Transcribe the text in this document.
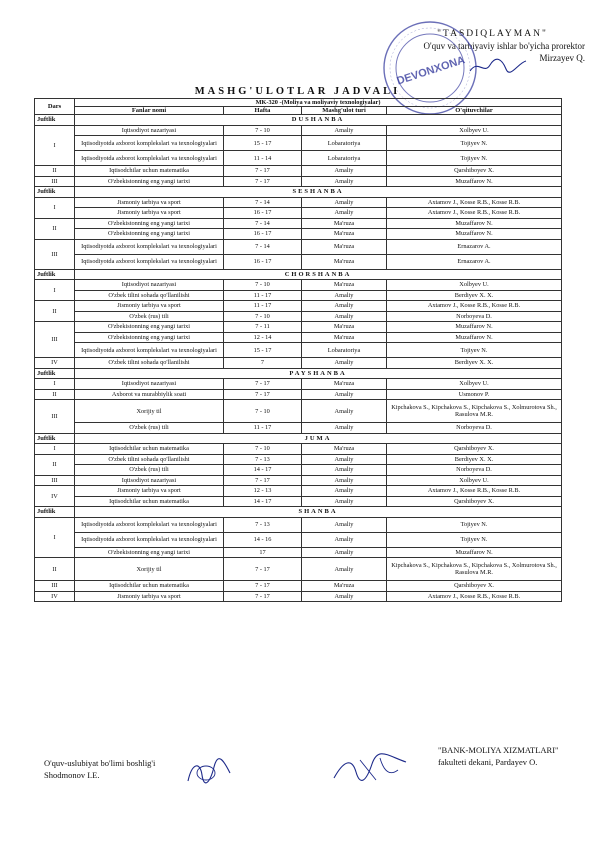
"TASDIQLAYMAN"
O'quv va tarbiyaviy ishlar bo'yicha prorektor
Mirzayev Q.
DEVONXONA
MASHG'ULOTLAR JADVALI
Dars	MK-320 -(Moliya va moliyaviy texnologiyalar)			
	Fanlar nomi	Hafta	Mashg'ulot turi	O'qituvchilar
Juftlik	DUSHANBA			
I	Iqtisodiyot nazariyasi	7 - 10	Amaliy	Xolbyev U.
	Iqtisodiyotda axborot komplekslari va texnologiyalari	15 - 17	Lobaratoriya	Tojiyev N.
	Iqtisodiyotda axborot komplekslari va texnologiyalari	11 - 14	Lobaratoriya	Tojiyev N.
II	Iqtisodchilar uchun matematika	7 - 17	Amaliy	Qarshiboyev X.
III	O'zbekistonning eng yangi tarixi	7 - 17	Amaliy	Muzaffarov N.
Juftlik	SESHANBA			
I	Jismoniy tarbiya va sport	7 - 14	Amaliy	Axtamov J., Kosse R.B., Kosse R.B.
	Jismoniy tarbiya va sport	16 - 17	Amaliy	Axtamov J., Kosse R.B., Kosse R.B.
II	O'zbekistonning eng yangi tarixi	7 - 14	Ma'ruza	Muzaffarov N.
	O'zbekistonning eng yangi tarixi	16 - 17	Ma'ruza	Muzaffarov N.
III	Iqtisodiyotda axborot komplekslari va texnologiyalari	7 - 14	Ma'ruza	Ernazarov A.
	Iqtisodiyotda axborot komplekslari va texnologiyalari	16 - 17	Ma'ruza	Ernazarov A.
Juftlik	CHORSHANBA			
I	Iqtisodiyot nazariyasi	7 - 10	Ma'ruza	Xolbyev U.
	O'zbek tilini sohada qo'llanilishi	11 - 17	Amaliy	Berdiyev X. X.
II	Jismoniy tarbiya va sport	11 - 17	Amaliy	Axtamov J., Kosse R.B., Kosse R.B.
	O'zbek (rus) tili	7 - 10	Amaliy	Norboyeva D.
III	O'zbekistonning eng yangi tarixi	7 - 11	Ma'ruza	Muzaffarov N.
	O'zbekistonning eng yangi tarixi	12 - 14	Ma'ruza	Muzaffarov N.
	Iqtisodiyotda axborot komplekslari va texnologiyalari	15 - 17	Lobaratoriya	Tojiyev N.
IV	O'zbek tilini sohada qo'llanilishi	7	Amaliy	Berdiyev X. X.
Juftlik	PAYSHANBA			
I	Iqtisodiyot nazariyasi	7 - 17	Ma'ruza	Xolbyev U.
II	Axborot va murabbiylik soati	7 - 17	Amaliy	Usmonov P.
III	Xorijiy til	7 - 10	Amaliy	Kipchakova S., Kipchakova S., Kipchakova S., Xolmurotova Sh., Rasulova M.R.
	O'zbek (rus) tili	11 - 17	Amaliy	Norboyeva D.
Juftlik	JUMA			
I	Iqtisodchilar uchun matematika	7 - 10	Ma'ruza	Qarshiboyev X.
II	O'zbek tilini sohada qo'llanilishi	7 - 13	Amaliy	Berdiyev X. X.
	O'zbek (rus) tili	14 - 17	Amaliy	Norboyeva D.
III	Iqtisodiyot nazariyasi	7 - 17	Amaliy	Xolbyev U.
IV	Jismoniy tarbiya va sport	12 - 13	Amaliy	Axtamov J., Kosse R.B., Kosse R.B.
	Iqtisodchilar uchun matematika	14 - 17	Amaliy	Qarshiboyev X.
Juftlik	SHANBA			
I	Iqtisodiyotda axborot komplekslari va texnologiyalari	7 - 13	Amaliy	Tojiyev N.
	Iqtisodiyotda axborot komplekslari va texnologiyalari	14 - 16	Amaliy	Tojiyev N.
	O'zbekistonning eng yangi tarixi	17	Amaliy	Muzaffarov N.
II	Xorijiy til	7 - 17	Amaliy	Kipchakova S., Kipchakova S., Kipchakova S., Xolmurotova Sh., Rasulova M.R.
III	Iqtisodchilar uchun matematika	7 - 17	Ma'ruza	Qarshiboyev X.
IV	Jismoniy tarbiya va sport	7 - 17	Amaliy	Axtamov J., Kosse R.B., Kosse R.B.
O'quv-uslubiyat bo'limi boshlig'i
Shodmonov I.E.
"BANK-MOLIYA XIZMATLARI"
fakulteti dekani, Pardayev O.
